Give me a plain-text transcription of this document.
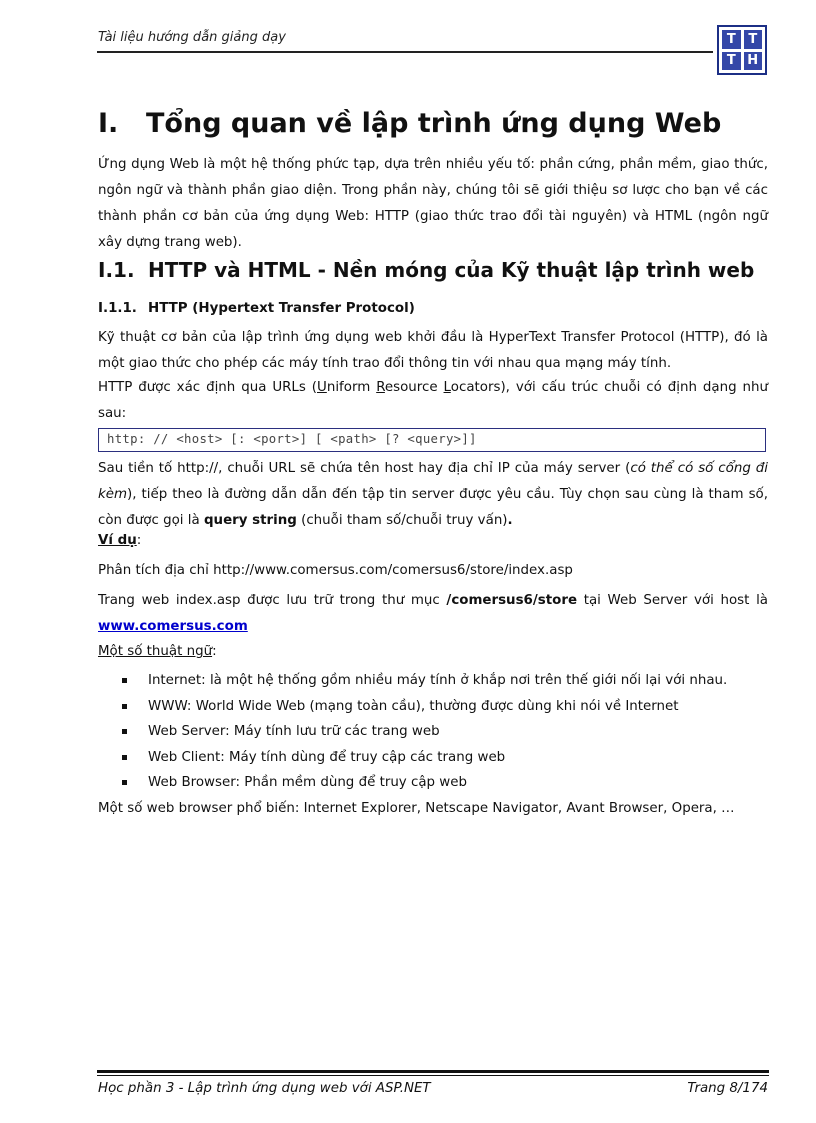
Tài liệu hướng dẫn giảng dạy	T T
T H
I. Tổng quan về lập trình ứng dụng Web

Ứng dụng Web là một hệ thống phức tạp, dựa trên nhiều yếu tố: phần cứng, phần mềm, giao thức, ngôn ngữ và thành phần giao diện. Trong phần này, chúng tôi sẽ giới thiệu sơ lược cho bạn về các thành phần cơ bản của ứng dụng Web: HTTP (giao thức trao đổi tài nguyên) và HTML (ngôn ngữ xây dựng trang web).

I.1. HTTP và HTML - Nền móng của Kỹ thuật lập trình web
I.1.1. HTTP (Hypertext Transfer Protocol)

Kỹ thuật cơ bản của lập trình ứng dụng web khởi đầu là HyperText Transfer Protocol (HTTP), đó là một giao thức cho phép các máy tính trao đổi thông tin với nhau qua mạng máy tính.

HTTP được xác định qua URLs (Uniform Resource Locators), với cấu trúc chuỗi có định dạng như sau:

http: // <host> [: <port>] [ <path> [? <query>]]

Sau tiền tố http://, chuỗi URL sẽ chứa tên host hay địa chỉ IP của máy server (có thể có số cổng đi kèm), tiếp theo là đường dẫn dẫn đến tập tin server được yêu cầu. Tùy chọn sau cùng là tham số, còn được gọi là query string (chuỗi tham số/chuỗi truy vấn).

Ví dụ:

Phân tích địa chỉ http://www.comersus.com/comersus6/store/index.asp

Trang web index.asp được lưu trữ trong thư mục /comersus6/store tại Web Server với host là www.comersus.com

Một số thuật ngữ:

Internet: là một hệ thống gồm nhiều máy tính ở khắp nơi trên thế giới nối lại với nhau.
WWW: World Wide Web (mạng toàn cầu), thường được dùng khi nói về Internet
Web Server: Máy tính lưu trữ các trang web
Web Client: Máy tính dùng để truy cập các trang web
Web Browser: Phần mềm dùng để truy cập web

Một số web browser phổ biến: Internet Explorer, Netscape Navigator, Avant Browser, Opera, …

Học phần 3 - Lập trình ứng dụng web với ASP.NET	Trang 8/174
